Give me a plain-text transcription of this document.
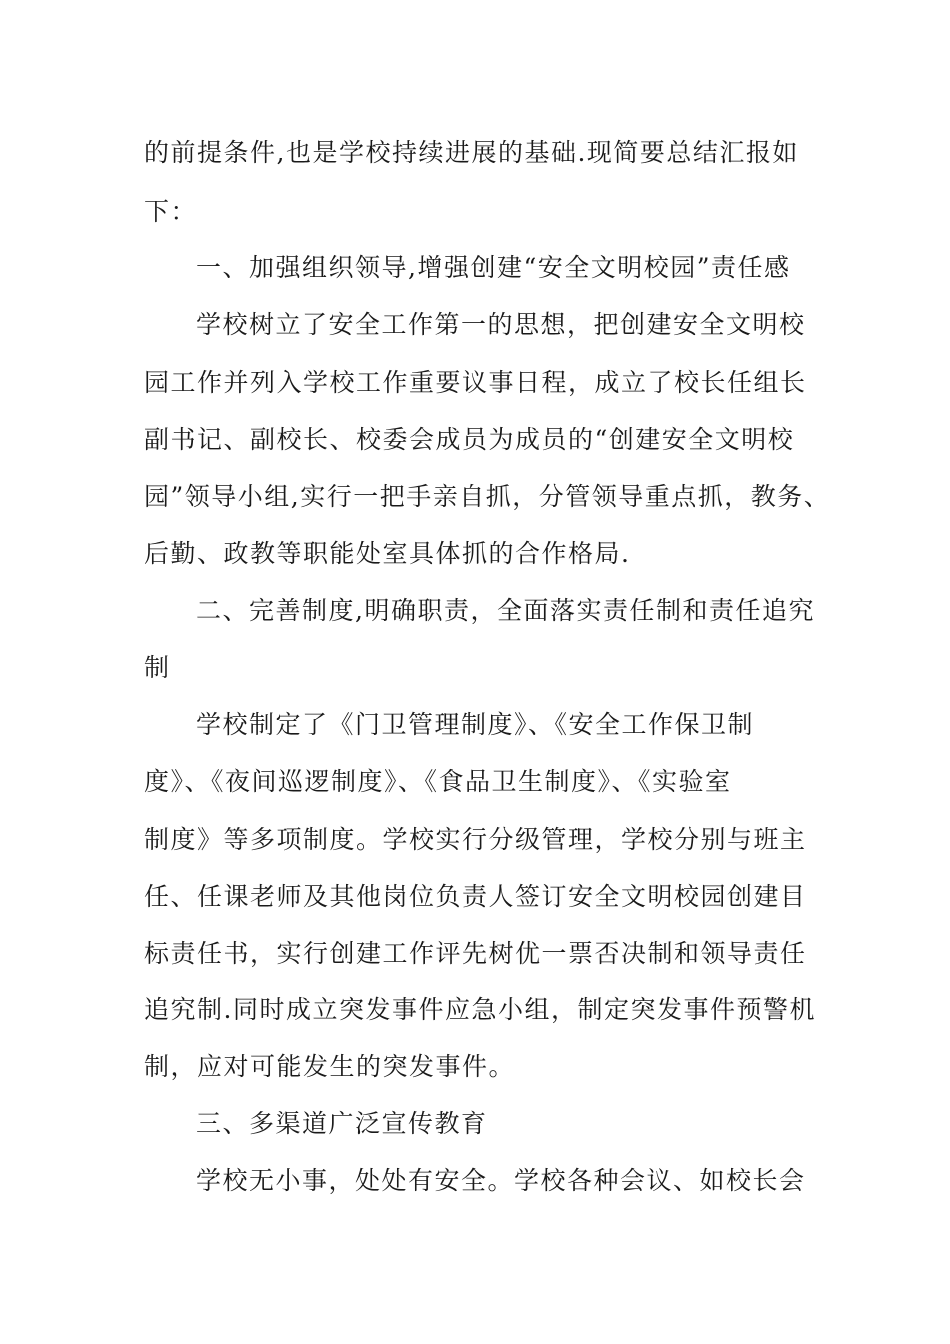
的前提条件,也是学校持续进展的基础.现简要总结汇报如
下：
一、加强组织领导,增强创建“安全文明校园”责任感
学校树立了安全工作第一的思想，把创建安全文明校
园工作并列入学校工作重要议事日程，成立了校长任组长
副书记、副校长、校委会成员为成员的“创建安全文明校
园”领导小组,实行一把手亲自抓，分管领导重点抓，教务、
后勤、政教等职能处室具体抓的合作格局.
二、完善制度,明确职责，全面落实责任制和责任追究
制
学校制定了《门卫管理制度》、《安全工作保卫制
度》、《夜间巡逻制度》、《食品卫生制度》、《实验室
制度》等多项制度。学校实行分级管理，学校分别与班主
任、任课老师及其他岗位负责人签订安全文明校园创建目
标责任书，实行创建工作评先树优一票否决制和领导责任
追究制.同时成立突发事件应急小组，制定突发事件预警机
制，应对可能发生的突发事件。
三、多渠道广泛宣传教育
学校无小事，处处有安全。学校各种会议、如校长会
